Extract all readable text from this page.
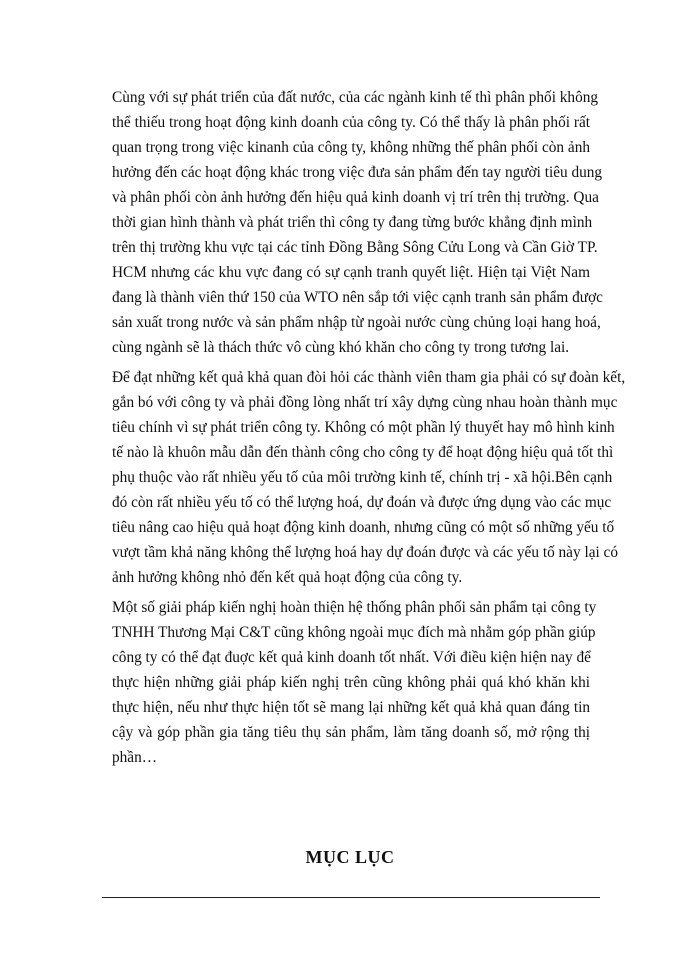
Cùng với sự phát triển của đất nước, của các ngành kinh tế thì phân phối không
thể thiếu trong hoạt động kinh doanh của công ty. Có thể thấy là phân phối rất
quan trọng trong việc kinanh của công ty, không những thế phân phối còn ảnh
hưởng đến các hoạt động khác trong việc đưa sản phẩm đến tay người tiêu dung
và phân phối còn ảnh hưởng đến hiệu quả kinh doanh vị trí trên thị trường. Qua
thời gian hình thành và phát triển thì công ty đang từng bước khẳng định mình
trên thị trường khu vực tại các tỉnh Đồng Bằng Sông Cửu Long và Cần Giờ TP.
HCM nhưng các khu vực đang có sự cạnh tranh quyết liệt. Hiện tại Việt Nam
đang là thành viên thứ 150 của WTO nên sắp tới việc cạnh tranh sản phẩm được
sản xuất trong nước và sản phẩm nhập từ ngoài nước cùng chủng loại hang hoá,
cùng ngành sẽ là thách thức vô cùng khó khăn cho công ty trong tương lai.
Để đạt những kết quả khả quan đòi hỏi các thành viên tham gia phải có sự đoàn kết,
gắn bó với công ty và phải đồng lòng nhất trí xây dựng cùng nhau hoàn thành mục
tiêu chính vì sự phát triển công ty. Không có một phần lý thuyết hay mô hình kinh
tế nào là khuôn mẫu dẫn đến thành công cho công ty để hoạt động hiệu quả tốt thì
phụ thuộc vào rất nhiều yếu tố của môi trường kinh tế, chính trị - xã hội.Bên cạnh
đó còn rất nhiều yếu tố có thể lượng hoá, dự đoán và được ứng dụng vào các mục
tiêu nâng cao hiệu quả hoạt động kinh doanh, nhưng cũng có một số những yếu tố
vượt tầm khả năng không thể lượng hoá hay dự đoán được và các yếu tố này lại có
ảnh hưởng không nhỏ đến kết quả hoạt động của công ty.
Một số giải pháp kiến nghị hoàn thiện hệ thống phân phối sản phẩm tại công ty
TNHH Thương Mại C&T cũng không ngoài mục đích mà nhằm góp phần giúp
công ty có thể đạt đuợc kết quả kinh doanh tốt nhất. Với điều kiện hiện nay để
thực hiện những giải pháp kiến nghị trên cũng không phải quá khó khăn khi
thực hiện, nếu như thực hiện tốt sẽ mang lại những kết quả khả quan đáng tin
cậy và góp phần gia tăng tiêu thụ sản phẩm, làm tăng doanh số, mở rộng thị
phần…
MỤC LỤC
